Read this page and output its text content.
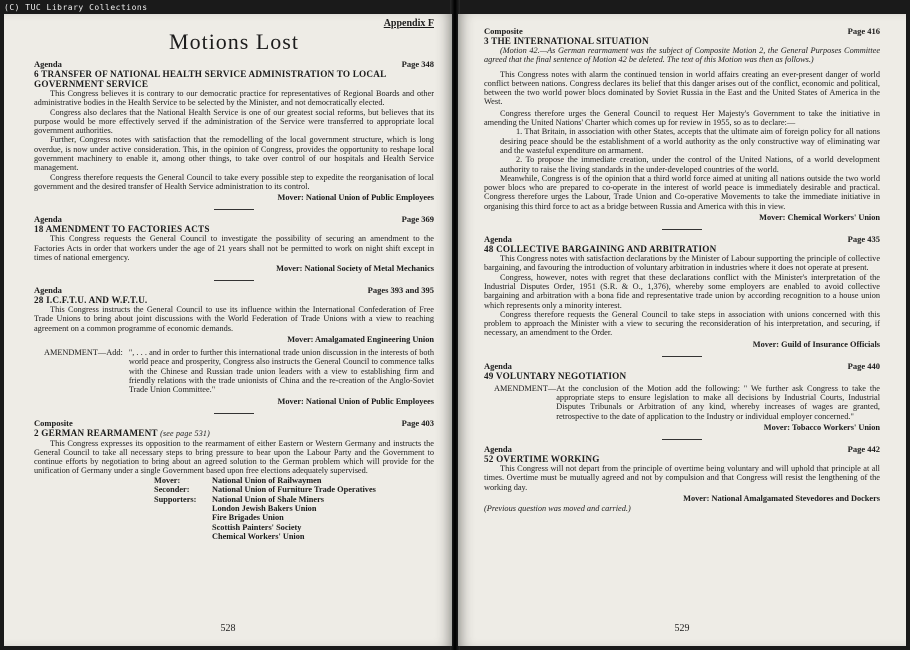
(C) TUC Library Collections
Appendix F
Motions Lost
Agenda	Page 348
6 TRANSFER OF NATIONAL HEALTH SERVICE ADMINISTRATION TO LOCAL GOVERNMENT SERVICE

This Congress believes it is contrary to our democratic practice for representatives of Regional Boards and other administrative bodies in the Health Service to be selected by the Minister, and not democratically elected.

Congress also declares that the National Health Service is one of our greatest social reforms, but believes that its purpose would be more effectively served if the administration of the Service were transferred to appropriate local government authorities.

Further, Congress notes with satisfaction that the remodelling of the local government structure, which is long overdue, is now under active consideration. This, in the opinion of Congress, provides the opportunity to reshape local government machinery to enable it, among other things, to take over control of our hospitals and Health Service management.

Congress therefore requests the General Council to take every possible step to expedite the reorganisation of local government and the desired transfer of Health Service administration to its control.

Mover: National Union of Public Employees
Agenda	Page 369
18 AMENDMENT TO FACTORIES ACTS

This Congress requests the General Council to investigate the possibility of securing an amendment to the Factories Acts in order that workers under the age of 21 years shall not be permitted to work on night shift except in times of national emergency.

Mover: National Society of Metal Mechanics
Agenda	Pages 393 and 395
28 I.C.F.T.U. AND W.F.T.U.

This Congress instructs the General Council to use its influence within the International Confederation of Free Trade Unions to bring about joint discussions with the World Federation of Trade Unions with a view to reaching agreement on a common programme of economic demands.

Mover: Amalgamated Engineering Union
AMENDMENT—Add: ", . . . and in order to further this international trade union discussion in the interests of both world peace and prosperity, Congress also instructs the General Council to commence talks with the Chinese and Russian trade union leaders with a view to establishing firm and friendly relations with the trade unionists of China and the re-creation of the Anglo-Soviet Trade Union Committee."
Mover: National Union of Public Employees
Composite	Page 403
2 GERMAN REARMAMENT (see page 531)

This Congress expresses its opposition to the rearmament of either Eastern or Western Germany and instructs the General Council to take all necessary steps to bring pressure to bear upon the Labour Party and the Government to continue efforts by negotiation to bring about an agreed solution to the German problem which will provide for the unification of Germany under a single Government based upon free elections adequately supervised.

Mover:	National Union of Railwaymen
Seconder:	National Union of Furniture Trade Operatives
Supporters:	National Union of Shale Miners
London Jewish Bakers Union
Fire Brigades Union
Scottish Painters' Society
Chemical Workers' Union
528
Composite	Page 416
3 THE INTERNATIONAL SITUATION

(Motion 42.—As German rearmament was the subject of Composite Motion 2, the General Purposes Committee agreed that the final sentence of Motion 42 be deleted. The text of this Motion was then as follows.)

This Congress notes with alarm the continued tension in world affairs creating an ever-present danger of world conflict between nations. Congress declares its belief that this danger arises out of the conflict, economic and political, between the two world power blocs dominated by Soviet Russia in the East and the United States of America in the West.

Congress therefore urges the General Council to request Her Majesty's Government to take the initiative in amending the United Nations' Charter which comes up for review in 1955, so as to declare:—

1. That Britain, in association with other States, accepts that the ultimate aim of foreign policy for all nations desiring peace should be the establishment of a world authority as the only constructive way of eliminating war and the wasteful expenditure on armament.

2. To propose the immediate creation, under the control of the United Nations, of a world development authority to raise the living standards in the under-developed countries of the world.

Meanwhile, Congress is of the opinion that a third world force aimed at uniting all nations outside the two world power blocs who are prepared to co-operate in the interest of world peace is immediately desirable and practical. Congress therefore urges the Labour, Trade Union and Co-operative Movements to take the immediate initiative in organising this third force to act as a bridge between Russia and America with this in view.

Mover: Chemical Workers' Union
Agenda	Page 435
48 COLLECTIVE BARGAINING AND ARBITRATION

This Congress notes with satisfaction declarations by the Minister of Labour supporting the principle of collective bargaining, and favouring the introduction of voluntary arbitration in industries where it does not operate at present.

Congress, however, notes with regret that these declarations conflict with the Minister's interpretation of the Industrial Disputes Order, 1951 (S.R. & O., 1,376), whereby some employers are enabled to avoid collective bargaining and arbitration with a bona fide and representative trade union by according recognition to a house union which represents only a minority interest.

Congress therefore requests the General Council to take steps in association with unions concerned with this problem to approach the Minister with a view to securing the reconsideration of his interpretation, and securing, if necessary, an amendment to the Order.

Mover: Guild of Insurance Officials
Agenda	Page 440
49 VOLUNTARY NEGOTIATION
AMENDMENT— At the conclusion of the Motion add the following: " We further ask Congress to take the appropriate steps to ensure legislation to make all decisions by Industrial Courts, Industrial Disputes Tribunals or Arbitration of any kind, whereby increases of wages are granted, retrospective to the date of application to the Industry or individual employer concerned."
Mover: Tobacco Workers' Union
Agenda	Page 442
52 OVERTIME WORKING

This Congress will not depart from the principle of overtime being voluntary and will uphold that principle at all times. Overtime must be mutually agreed and not by compulsion and that Congress will resist the lengthening of the working day.

Mover: National Amalgamated Stevedores and Dockers

(Previous question was moved and carried.)

529
